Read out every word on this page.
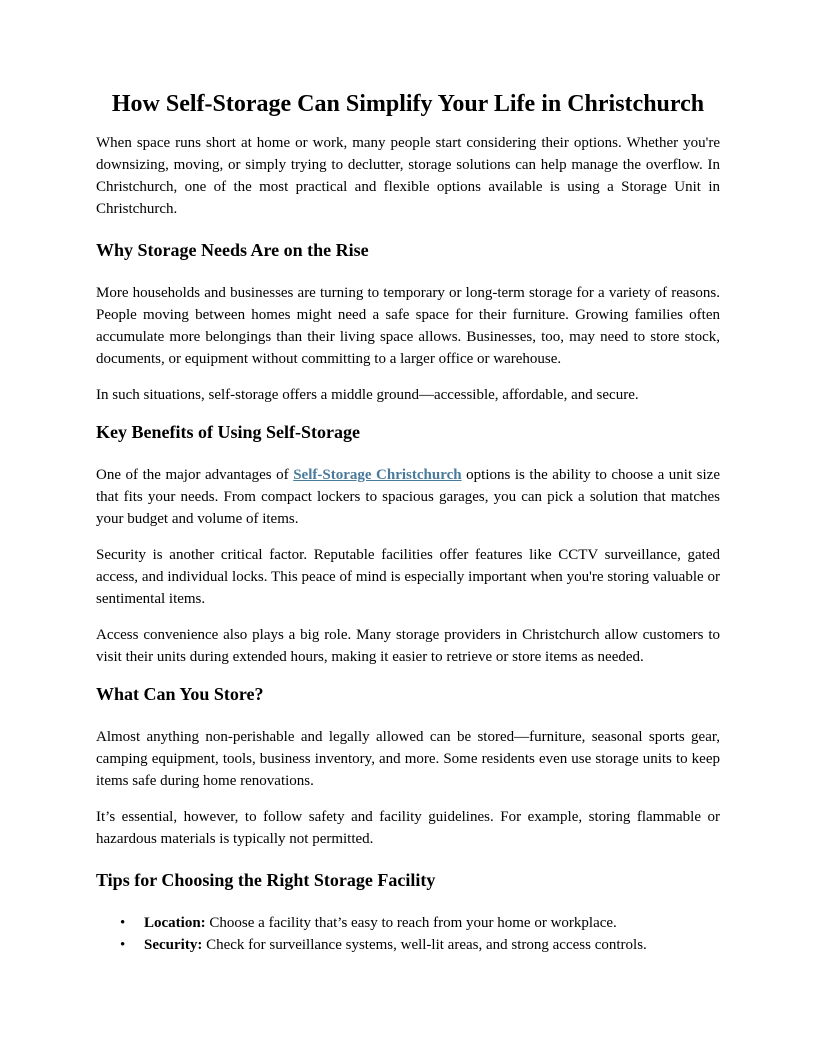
How Self-Storage Can Simplify Your Life in Christchurch

When space runs short at home or work, many people start considering their options. Whether you're downsizing, moving, or simply trying to declutter, storage solutions can help manage the overflow. In Christchurch, one of the most practical and flexible options available is using a Storage Unit in Christchurch.

Why Storage Needs Are on the Rise

More households and businesses are turning to temporary or long-term storage for a variety of reasons. People moving between homes might need a safe space for their furniture. Growing families often accumulate more belongings than their living space allows. Businesses, too, may need to store stock, documents, or equipment without committing to a larger office or warehouse.

In such situations, self-storage offers a middle ground—accessible, affordable, and secure.

Key Benefits of Using Self-Storage

One of the major advantages of Self-Storage Christchurch options is the ability to choose a unit size that fits your needs. From compact lockers to spacious garages, you can pick a solution that matches your budget and volume of items.

Security is another critical factor. Reputable facilities offer features like CCTV surveillance, gated access, and individual locks. This peace of mind is especially important when you're storing valuable or sentimental items.

Access convenience also plays a big role. Many storage providers in Christchurch allow customers to visit their units during extended hours, making it easier to retrieve or store items as needed.

What Can You Store?

Almost anything non-perishable and legally allowed can be stored—furniture, seasonal sports gear, camping equipment, tools, business inventory, and more. Some residents even use storage units to keep items safe during home renovations.

It’s essential, however, to follow safety and facility guidelines. For example, storing flammable or hazardous materials is typically not permitted.

Tips for Choosing the Right Storage Facility
• Location: Choose a facility that’s easy to reach from your home or workplace.
• Security: Check for surveillance systems, well-lit areas, and strong access controls.
